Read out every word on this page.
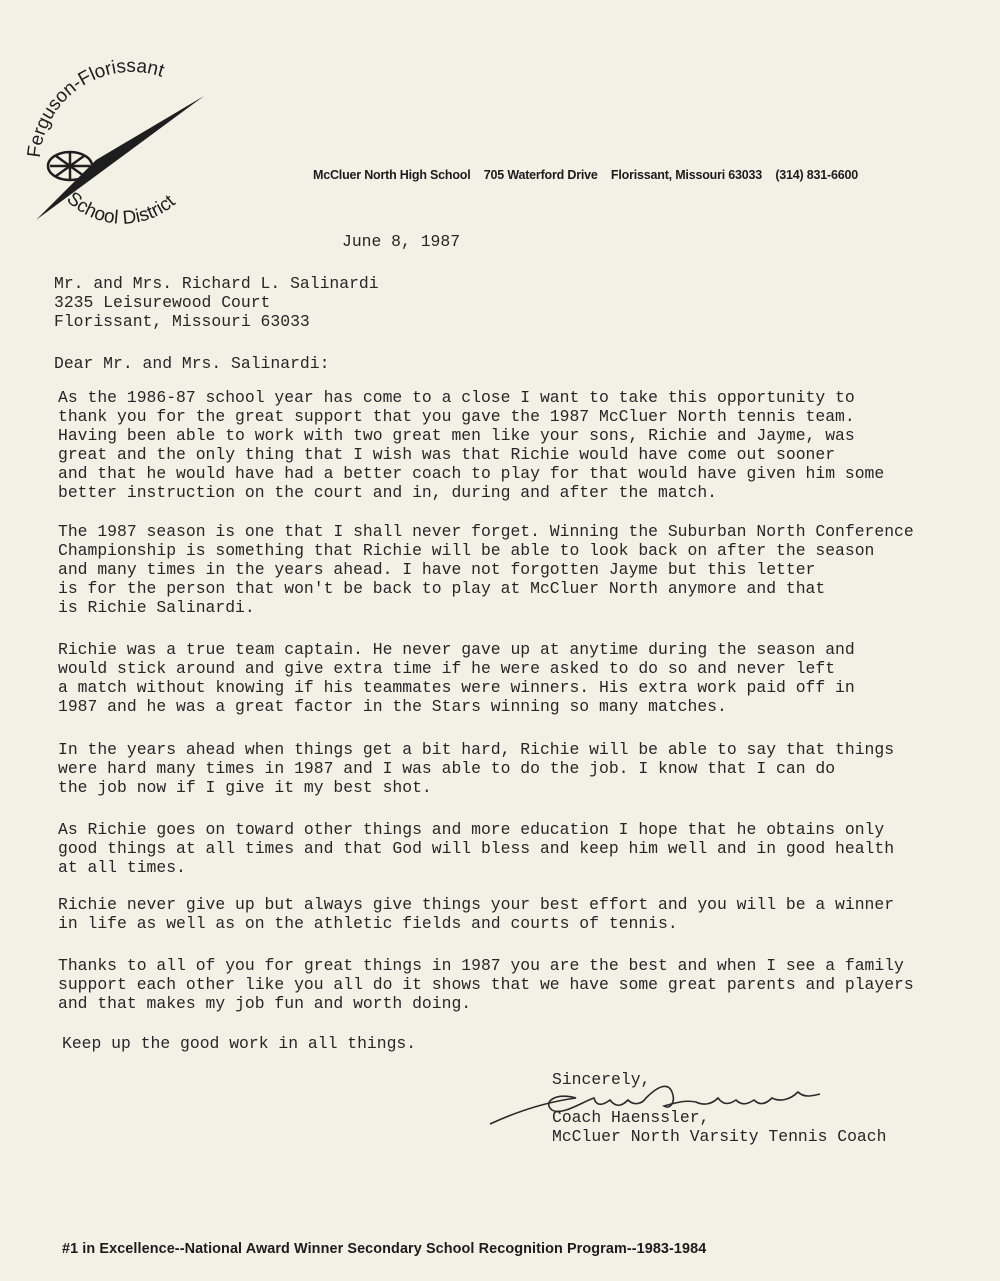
Ferguson-Florissant
School District
McCluer North High School 705 Waterford Drive Florissant, Missouri 63033 (314) 831-6600
June 8, 1987
Mr. and Mrs. Richard L. Salinardi
3235 Leisurewood Court
Florissant, Missouri 63033
Dear Mr. and Mrs. Salinardi:
As the 1986-87 school year has come to a close I want to take this opportunity to
thank you for the great support that you gave the 1987 McCluer North tennis team.
Having been able to work with two great men like your sons, Richie and Jayme, was
great and the only thing that I wish was that Richie would have come out sooner
and that he would have had a better coach to play for that would have given him some
better instruction on the court and in, during and after the match.
The 1987 season is one that I shall never forget. Winning the Suburban North Conference
Championship is something that Richie will be able to look back on after the season
and many times in the years ahead. I have not forgotten Jayme but this letter
is for the person that won't be back to play at McCluer North anymore and that
is Richie Salinardi.
Richie was a true team captain. He never gave up at anytime during the season and
would stick around and give extra time if he were asked to do so and never left
a match without knowing if his teammates were winners. His extra work paid off in
1987 and he was a great factor in the Stars winning so many matches.
In the years ahead when things get a bit hard, Richie will be able to say that things
were hard many times in 1987 and I was able to do the job. I know that I can do
the job now if I give it my best shot.
As Richie goes on toward other things and more education I hope that he obtains only
good things at all times and that God will bless and keep him well and in good health
at all times.
Richie never give up but always give things your best effort and you will be a winner
in life as well as on the athletic fields and courts of tennis.
Thanks to all of you for great things in 1987 you are the best and when I see a family
support each other like you all do it shows that we have some great parents and players
and that makes my job fun and worth doing.
Keep up the good work in all things.
Sincerely,

Coach Haenssler,
McCluer North Varsity Tennis Coach
#1 in Excellence--National Award Winner Secondary School Recognition Program--1983-1984
